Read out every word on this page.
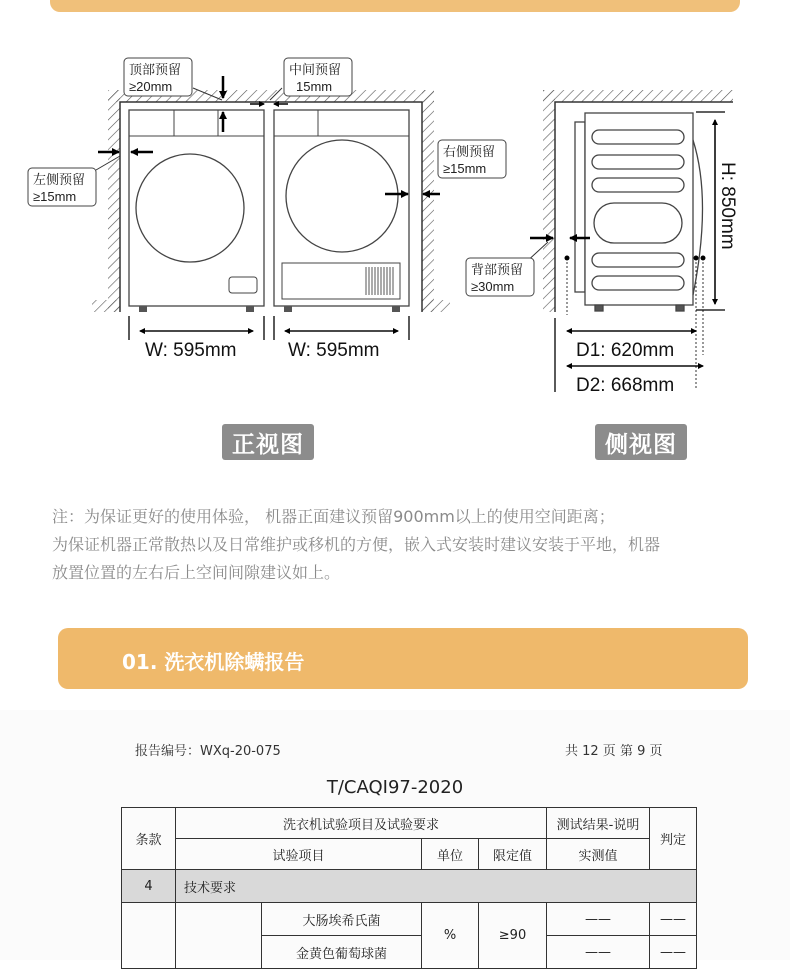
顶部预留
≥20mm
中间预留
15mm
左侧预留
≥15mm
右侧预留
≥15mm
背部预留
≥30mm
W: 595mm	W: 595mm	D1: 620mm
D2: 668mm
H: 850mm
正视图	侧视图

注：为保证更好的使用体验， 机器正面建议预留900mm以上的使用空间距离；

为保证机器正常散热以及日常维护或移机的方便，嵌入式安装时建议安装于平地，机器

放置位置的左右后上空间间隙建议如上。

01. 洗衣机除螨报告
报告编号：WXq-20-075	共 12 页 第 9 页
T/CAQI97-2020
条款	洗衣机试验项目及试验要求				测试结果-说明	判定
	试验项目		单位	限定值	实测值	
4	技术要求					
		大肠埃希氏菌	%	≥90	——	——
		金黄色葡萄球菌			——	——
